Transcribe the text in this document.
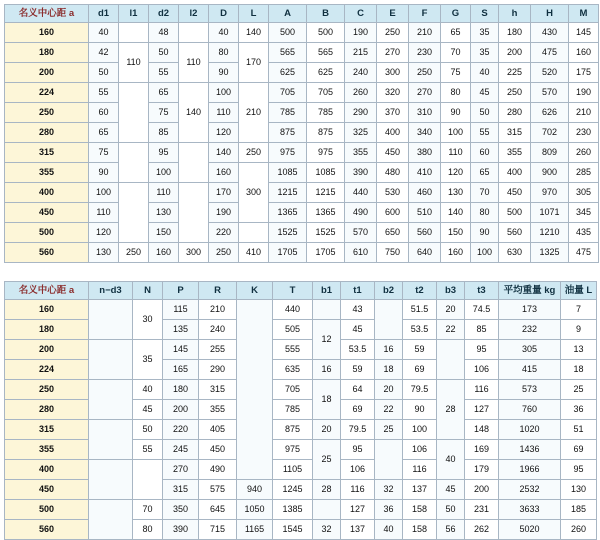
名义中心距 a	d1	l1	d2	l2	D	L	A	B	C	E	F	G	S	h	H	M
160	40		48		40	140	500	500	190	250	210	65	35	180	430	145
180	42	110	50	110	80	170	565	565	215	270	230	70	35	200	475	160
200	50		55		90		625	625	240	300	250	75	40	225	520	175
224	55		65	140	100	210	705	705	260	320	270	80	45	250	570	190
250	60		75		110		785	785	290	370	310	90	50	280	626	210
280	65		85		120		875	875	325	400	340	100	55	315	702	230
315	75		95		140	250	975	975	355	450	380	110	60	355	809	260
355	90		100		160	300	1085	1085	390	480	410	120	65	400	900	285
400	100		110		170		1215	1215	440	530	460	130	70	450	970	305
450	110		130		190		1365	1365	490	600	510	140	80	500	1071	345
500	120		150		220		1525	1525	570	650	560	150	90	560	1210	435
560	130	250	160	300	250	410	1705	1705	610	750	640	160	100	630	1325	475
名义中心距 a	n−d3	N	P	R	K	T	b1	t1	b2	t2	b3	t3	平均重量 kg	油量 L
160		30	115	210		440		43		51.5	20	74.5	173	7
180			135	240		505	12	45		53.5	22	85	232	9
200		35	145	255		555		53.5	16	59		95	305	13
224			165	290		635	16	59	18	69		106	415	18
250		40	180	315		705	18	64	20	79.5	28	116	573	25
280		45	200	355		785		69	22	90		127	760	36
315		50	220	405		875	20	79.5	25	100		148	1020	51
355		55	245	450		975	25	95		106	40	169	1436	69
400			270	490		1105		106		116		179	1966	95
450			315	575	940	1245	28	116	32	137	45	200	2532	130
500		70	350	645	1050	1385		127	36	158	50	231	3633	185
560		80	390	715	1165	1545	32	137	40	158	56	262	5020	260
